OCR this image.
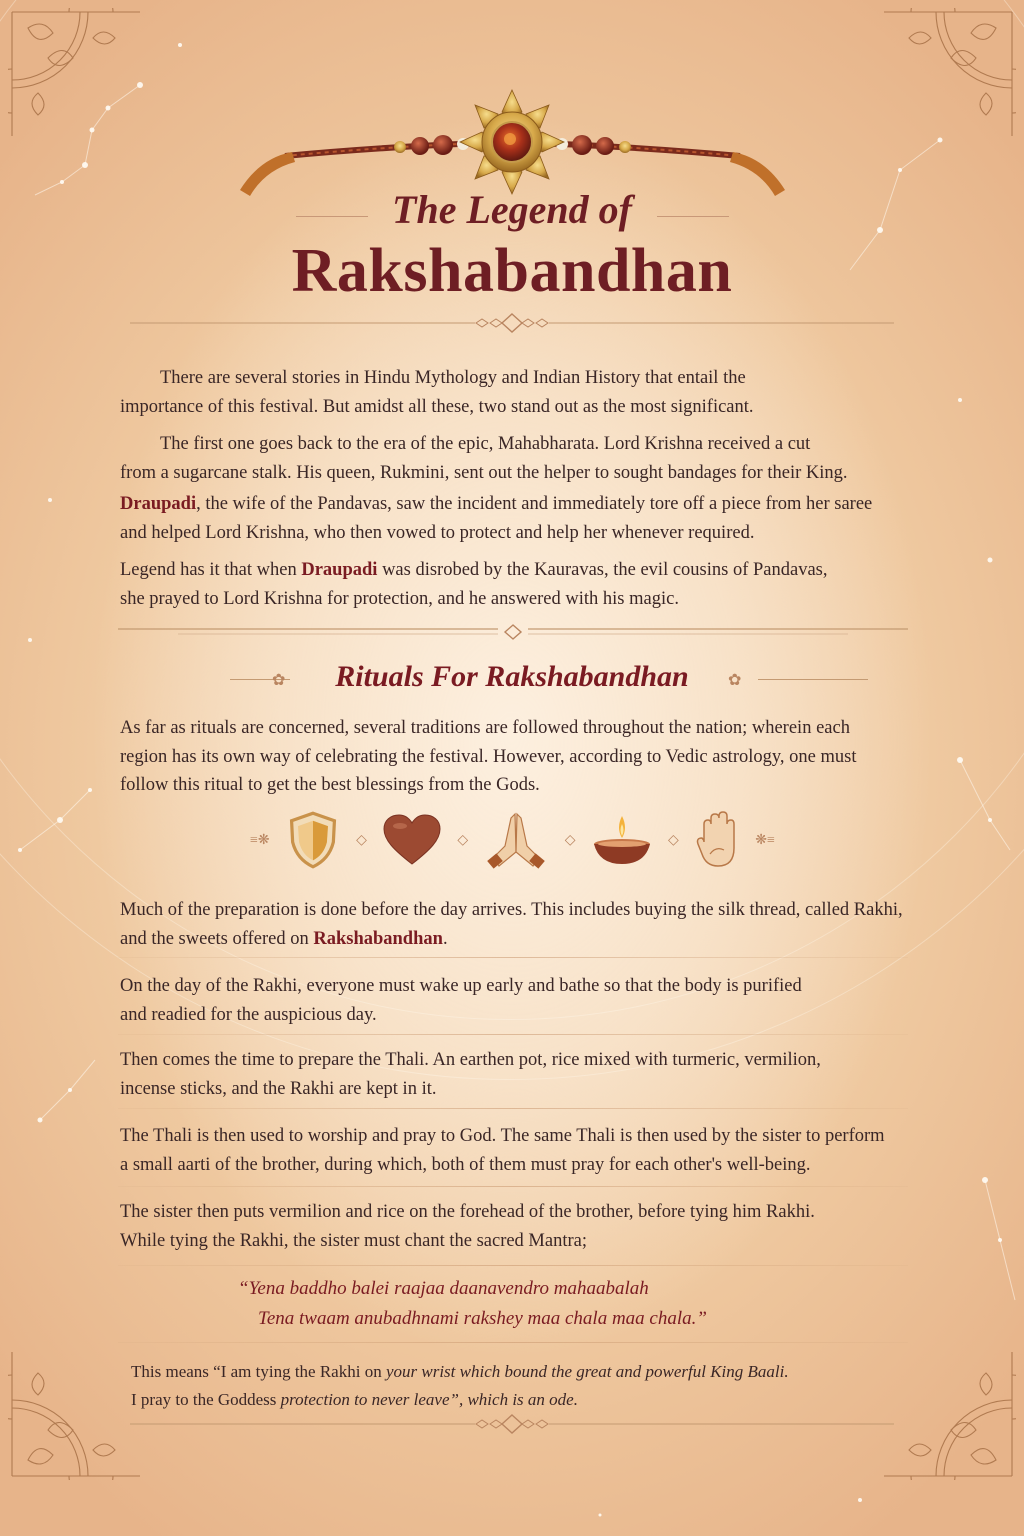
The Legend of
Rakshabandhan

There are several stories in Hindu Mythology and Indian History that entail the
importance of this festival. But amidst all these, two stand out as the most significant.

The first one goes back to the era of the epic, Mahabharata. Lord Krishna received a cut
from a sugarcane stalk. His queen, Rukmini, sent out the helper to sought bandages for their King.

Draupadi, the wife of the Pandavas, saw the incident and immediately tore off a piece from her saree
and helped Lord Krishna, who then vowed to protect and help her whenever required.

Legend has it that when Draupadi was disrobed by the Kauravas, the evil cousins of Pandavas,
she prayed to Lord Krishna for protection, and he answered with his magic.

✿	Rituals For Rakshabandhan	✿

As far as rituals are concerned, several traditions are followed throughout the nation; wherein each
region has its own way of celebrating the festival. However, according to Vedic astrology, one must
follow this ritual to get the best blessings from the Gods.

≡❋	◇	◇	◇	◇	❋≡

Much of the preparation is done before the day arrives. This includes buying the silk thread, called Rakhi,
and the sweets offered on Rakshabandhan.

On the day of the Rakhi, everyone must wake up early and bathe so that the body is purified
and readied for the auspicious day.

Then comes the time to prepare the Thali. An earthen pot, rice mixed with turmeric, vermilion,
incense sticks, and the Rakhi are kept in it.

The Thali is then used to worship and pray to God. The same Thali is then used by the sister to perform
a small aarti of the brother, during which, both of them must pray for each other's well-being.

The sister then puts vermilion and rice on the forehead of the brother, before tying him Rakhi.
While tying the Rakhi, the sister must chant the sacred Mantra;

“Yena baddho balei raajaa daanavendro mahaabalah
Tena twaam anubadhnami rakshey maa chala maa chala.”

This means “I am tying the Rakhi on your wrist which bound the great and powerful King Baali.
I pray to the Goddess protection to never leave”, which is an ode.
